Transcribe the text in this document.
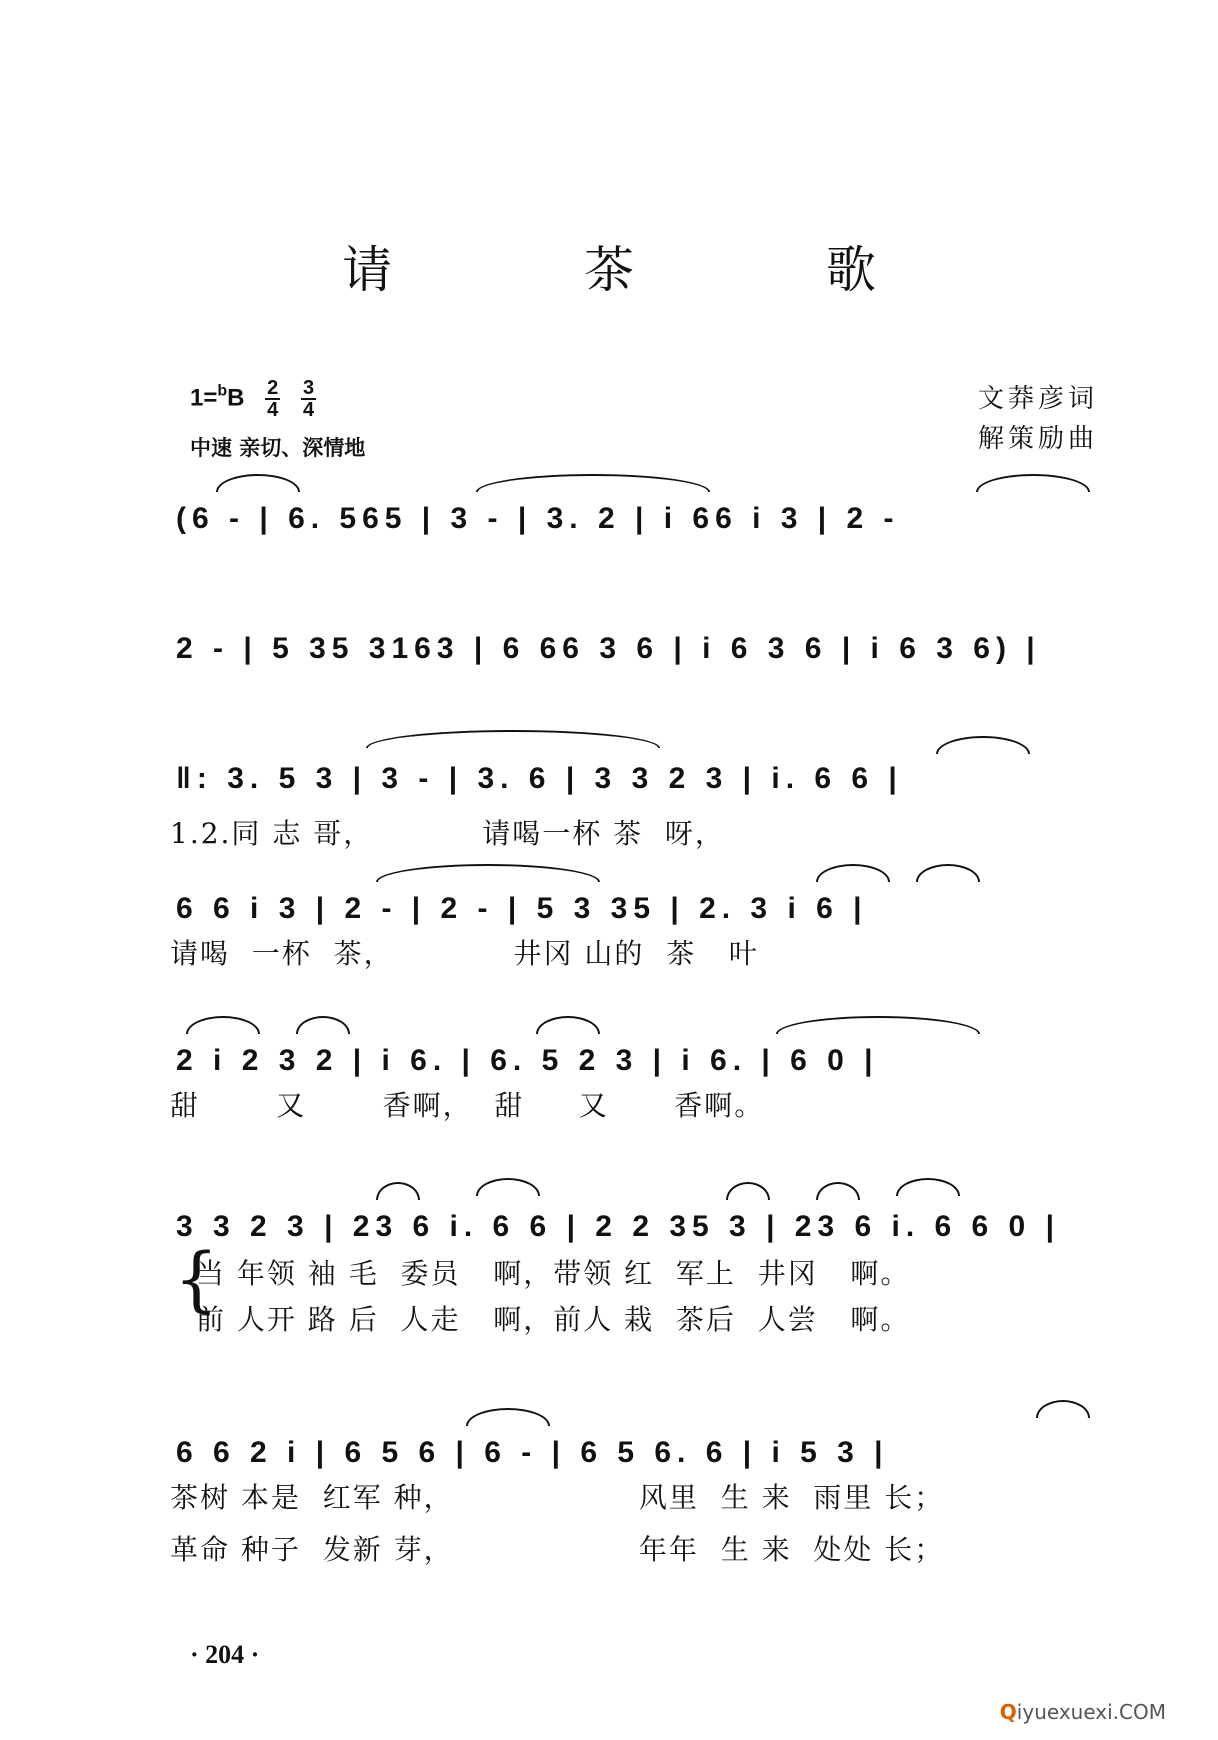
请 茶 歌
$1=^bB \frac{2}{4}$
$\frac{3}{4}$
中速 亲切、深情地
文莽彦词
解策励曲
(6 - | 6. 565 | 3 - | 3. 2 | i 66 i 3 | 2 -
2 - | 5 35 3163 | 6 66 3 6 | i 6 3 6 | i 6 3 6) |
‖: 3. 5 3 | 3 - | 3. 6 | 3 3 2 3 | i. 6 6 |
1.2.同 志 哥，          请喝一杯 茶  呀，
6 6 i 3 | 2 - | 2 - | 5 3 35 | 2. 3 i 6 |
请喝  一杯  茶，           井冈 山的  茶   叶
2 i 2 3 2 | i 6. | 6. 5 2 3 | i 6. | 6 0 |
甜       又       香啊，  甜     又      香啊。
3 3 2 3 | 23 6 i. 6 6 | 2 2 35 3 | 23 6 i. 6 6 0 |
{
当 年领 袖 毛  委员   啊，带领 红  军上  井冈   啊。
前 人开 路 后  人走   啊，前人 栽  茶后  人尝   啊。
6 6 2 i | 6 5 6 | 6 - | 6 5 6. 6 | i 5 3 |
茶树 本是  红军 种，                 风里  生 来  雨里 长；
革命 种子  发新 芽，                 年年  生 来  处处 长；
· 204 ·
Qiyuexuexi.COM
